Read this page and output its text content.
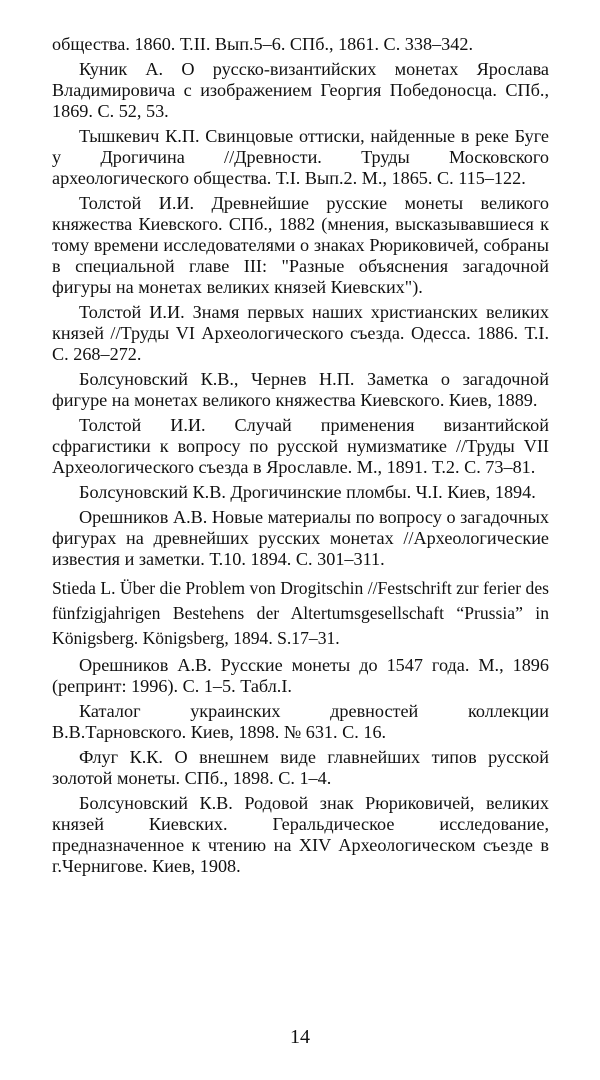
общества. 1860. Т.II. Вып.5–6. СПб., 1861. С. 338–342.

Куник А. О русско-византийских монетах Ярослава Владимировича с изображением Георгия Победоносца. СПб., 1869. С. 52, 53.

Тышкевич К.П. Свинцовые оттиски, найденные в реке Буге у Дрогичина //Древности. Труды Московского археологического общества. Т.I. Вып.2. М., 1865. С. 115–122.

Толстой И.И. Древнейшие русские монеты великого княжества Киевского. СПб., 1882 (мнения, высказывавшиеся к тому времени исследователями о знаках Рюриковичей, собраны в специальной главе III: "Разные объяснения загадочной фигуры на монетах великих князей Киевских").

Толстой И.И. Знамя первых наших христианских великих князей //Труды VI Археологического съезда. Одесса. 1886. Т.I. С. 268–272.

Болсуновский К.В., Чернев Н.П. Заметка о загадочной фигуре на монетах великого княжества Киевского. Киев, 1889.

Толстой И.И. Случай применения византийской сфрагистики к вопросу по русской нумизматике //Труды VII Археологического съезда в Ярославле. М., 1891. Т.2. С. 73–81.

Болсуновский К.В. Дрогичинские пломбы. Ч.I. Киев, 1894.

Орешников А.В. Новые материалы по вопросу о загадочных фигурах на древнейших русских монетах //Археологические известия и заметки. Т.10. 1894. С. 301–311.

Stieda L. Über die Problem von Drogitschin //Festschrift zur ferier des fünfzigjahrigen Bestehens der Altertumsgesellschaft “Prussia” in Königsberg. Königsberg, 1894. S.17–31.

Орешников А.В. Русские монеты до 1547 года. М., 1896 (репринт: 1996). С. 1–5. Табл.I.

Каталог украинских древностей коллекции В.В.Тарновского. Киев, 1898. № 631. С. 16.

Флуг К.К. О внешнем виде главнейших типов русской золотой монеты. СПб., 1898. С. 1–4.

Болсуновский К.В. Родовой знак Рюриковичей, великих князей Киевских. Геральдическое исследование, предназначенное к чтению на XIV Археологическом съезде в г.Чернигове. Киев, 1908.

14
